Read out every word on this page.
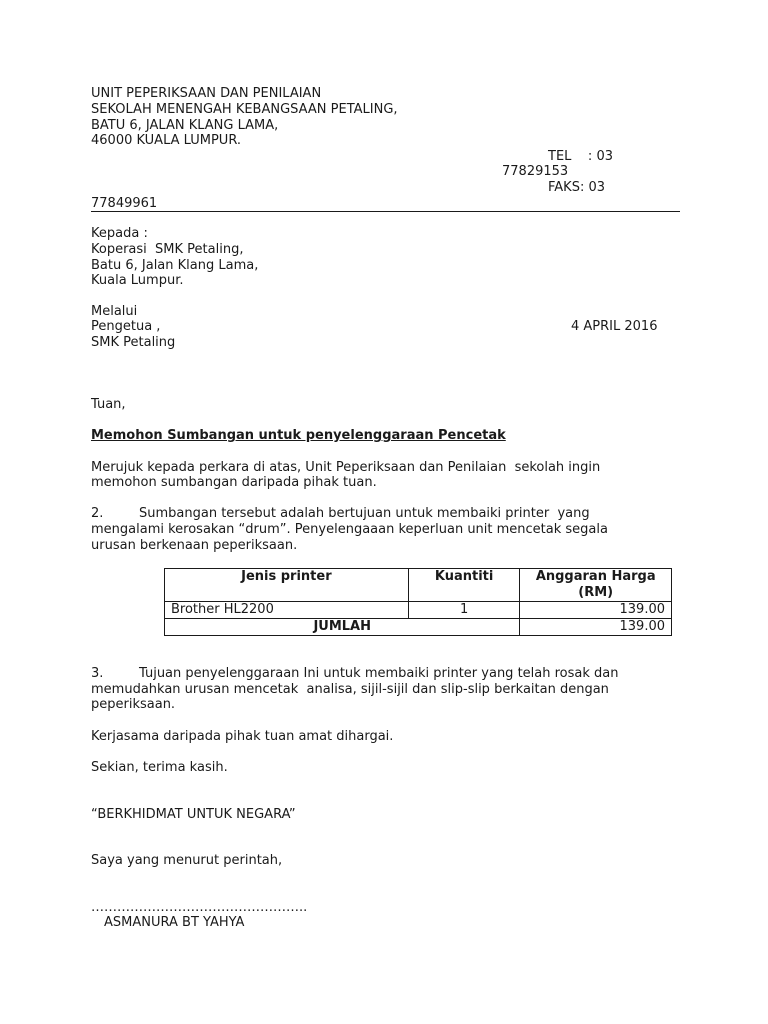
UNIT PEPERIKSAAN DAN PENILAIAN
SEKOLAH MENENGAH KEBANGSAAN PETALING,
BATU 6, JALAN KLANG LAMA,
46000 KUALA LUMPUR.
TEL    : 03
77829153
FAKS: 03
77849961
Kepada :
Koperasi  SMK Petaling,
Batu 6, Jalan Klang Lama,
Kuala Lumpur.
Melalui
Pengetua ,
SMK Petaling
4 APRIL 2016
Tuan,
Memohon Sumbangan untuk penyelenggaraan Pencetak
Merujuk kepada perkara di atas, Unit Peperiksaan dan Penilaian  sekolah ingin
memohon sumbangan daripada pihak tuan.
2.	Sumbangan tersebut adalah bertujuan untuk membaiki printer  yang
mengalami kerosakan “drum”. Penyelengaaan keperluan unit mencetak segala
urusan berkenaan peperiksaan.
Jenis printer	Kuantiti	Anggaran Harga
(RM)

Brother HL2200	1	139.00
JUMLAH		139.00
3.	Tujuan penyelenggaraan Ini untuk membaiki printer yang telah rosak dan
memudahkan urusan mencetak  analisa, sijil-sijil dan slip-slip berkaitan dengan
peperiksaan.
Kerjasama daripada pihak tuan amat dihargai.
Sekian, terima kasih.
“BERKHIDMAT UNTUK NEGARA”
Saya yang menurut perintah,
…………………………………………..
ASMANURA BT YAHYA
